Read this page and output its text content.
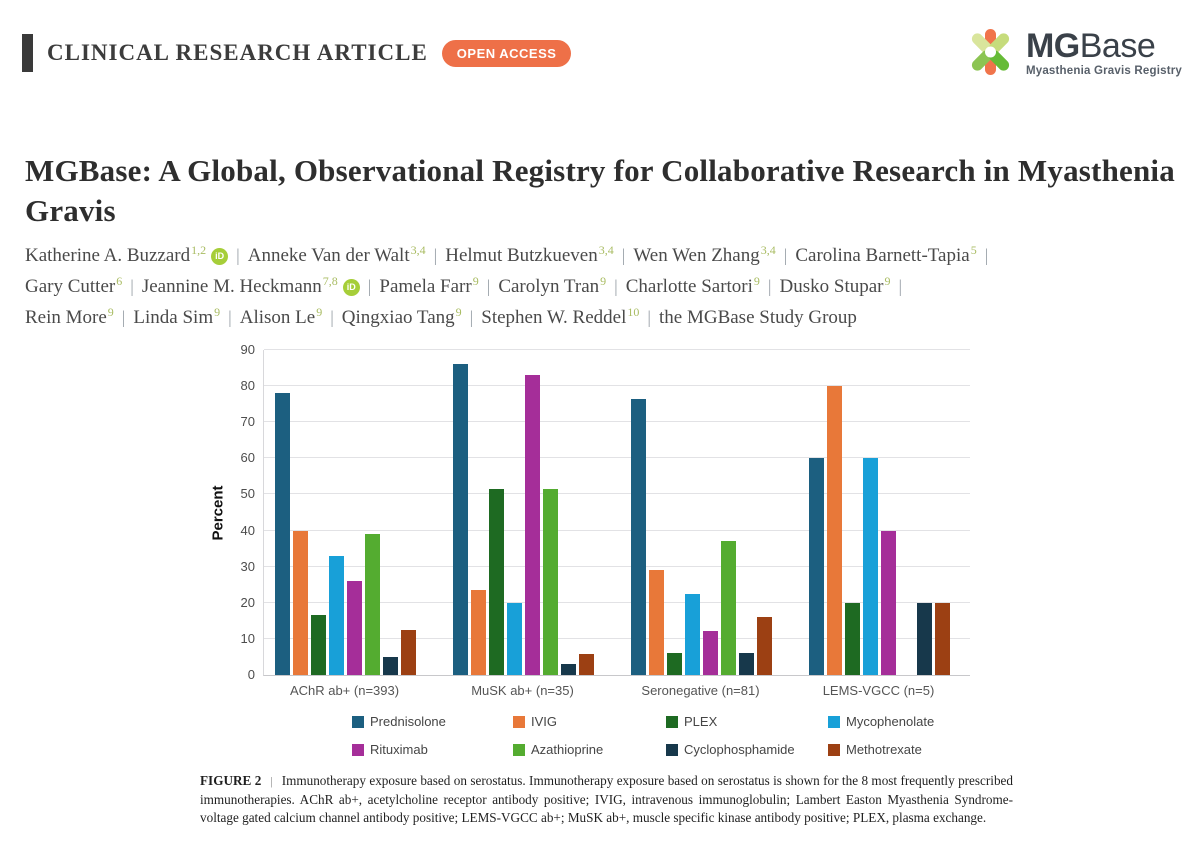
CLINICAL RESEARCH ARTICLE	OPEN ACCESS	MGBase
Myasthenia Gravis Registry
MGBase: A Global, Observational Registry for Collaborative Research in Myasthenia Gravis
Katherine A. Buzzard$^{1,2}$ iD | Anneke Van der Walt$^{3,4}$ | Helmut Butzkueven$^{3,4}$ | Wen Wen Zhang$^{3,4}$ | Carolina Barnett-Tapia$^5$ |
Gary Cutter$^6$ | Jeannine M. Heckmann$^{7,8}$ iD | Pamela Farr$^9$ | Carolyn Tran$^9$ | Charlotte Sartori$^9$ | Dusko Stupar$^9$ |
Rein More$^9$ | Linda Sim$^9$ | Alison Le$^9$ | Qingxiao Tang$^9$ | Stephen W. Reddel$^{10}$ | the MGBase Study Group
Percent
90
80
70
60
50
40
30
20
10
0
AChR ab+ (n=393)	MuSK ab+ (n=35)	Seronegative (n=81)	LEMS-VGCC (n=5)
Prednisolone	IVIG	PLEX	Mycophenolate
Rituximab	Azathioprine	Cyclophosphamide	Methotrexate
FIGURE 2 | Immunotherapy exposure based on serostatus. Immunotherapy exposure based on serostatus is shown for the 8 most frequently prescribed immunotherapies. AChR ab+, acetylcholine receptor antibody positive; IVIG, intravenous immunoglobulin; Lambert Easton Myasthenia Syndrome-voltage gated calcium channel antibody positive; LEMS-VGCC ab+; MuSK ab+, muscle specific kinase antibody positive; PLEX, plasma exchange.
